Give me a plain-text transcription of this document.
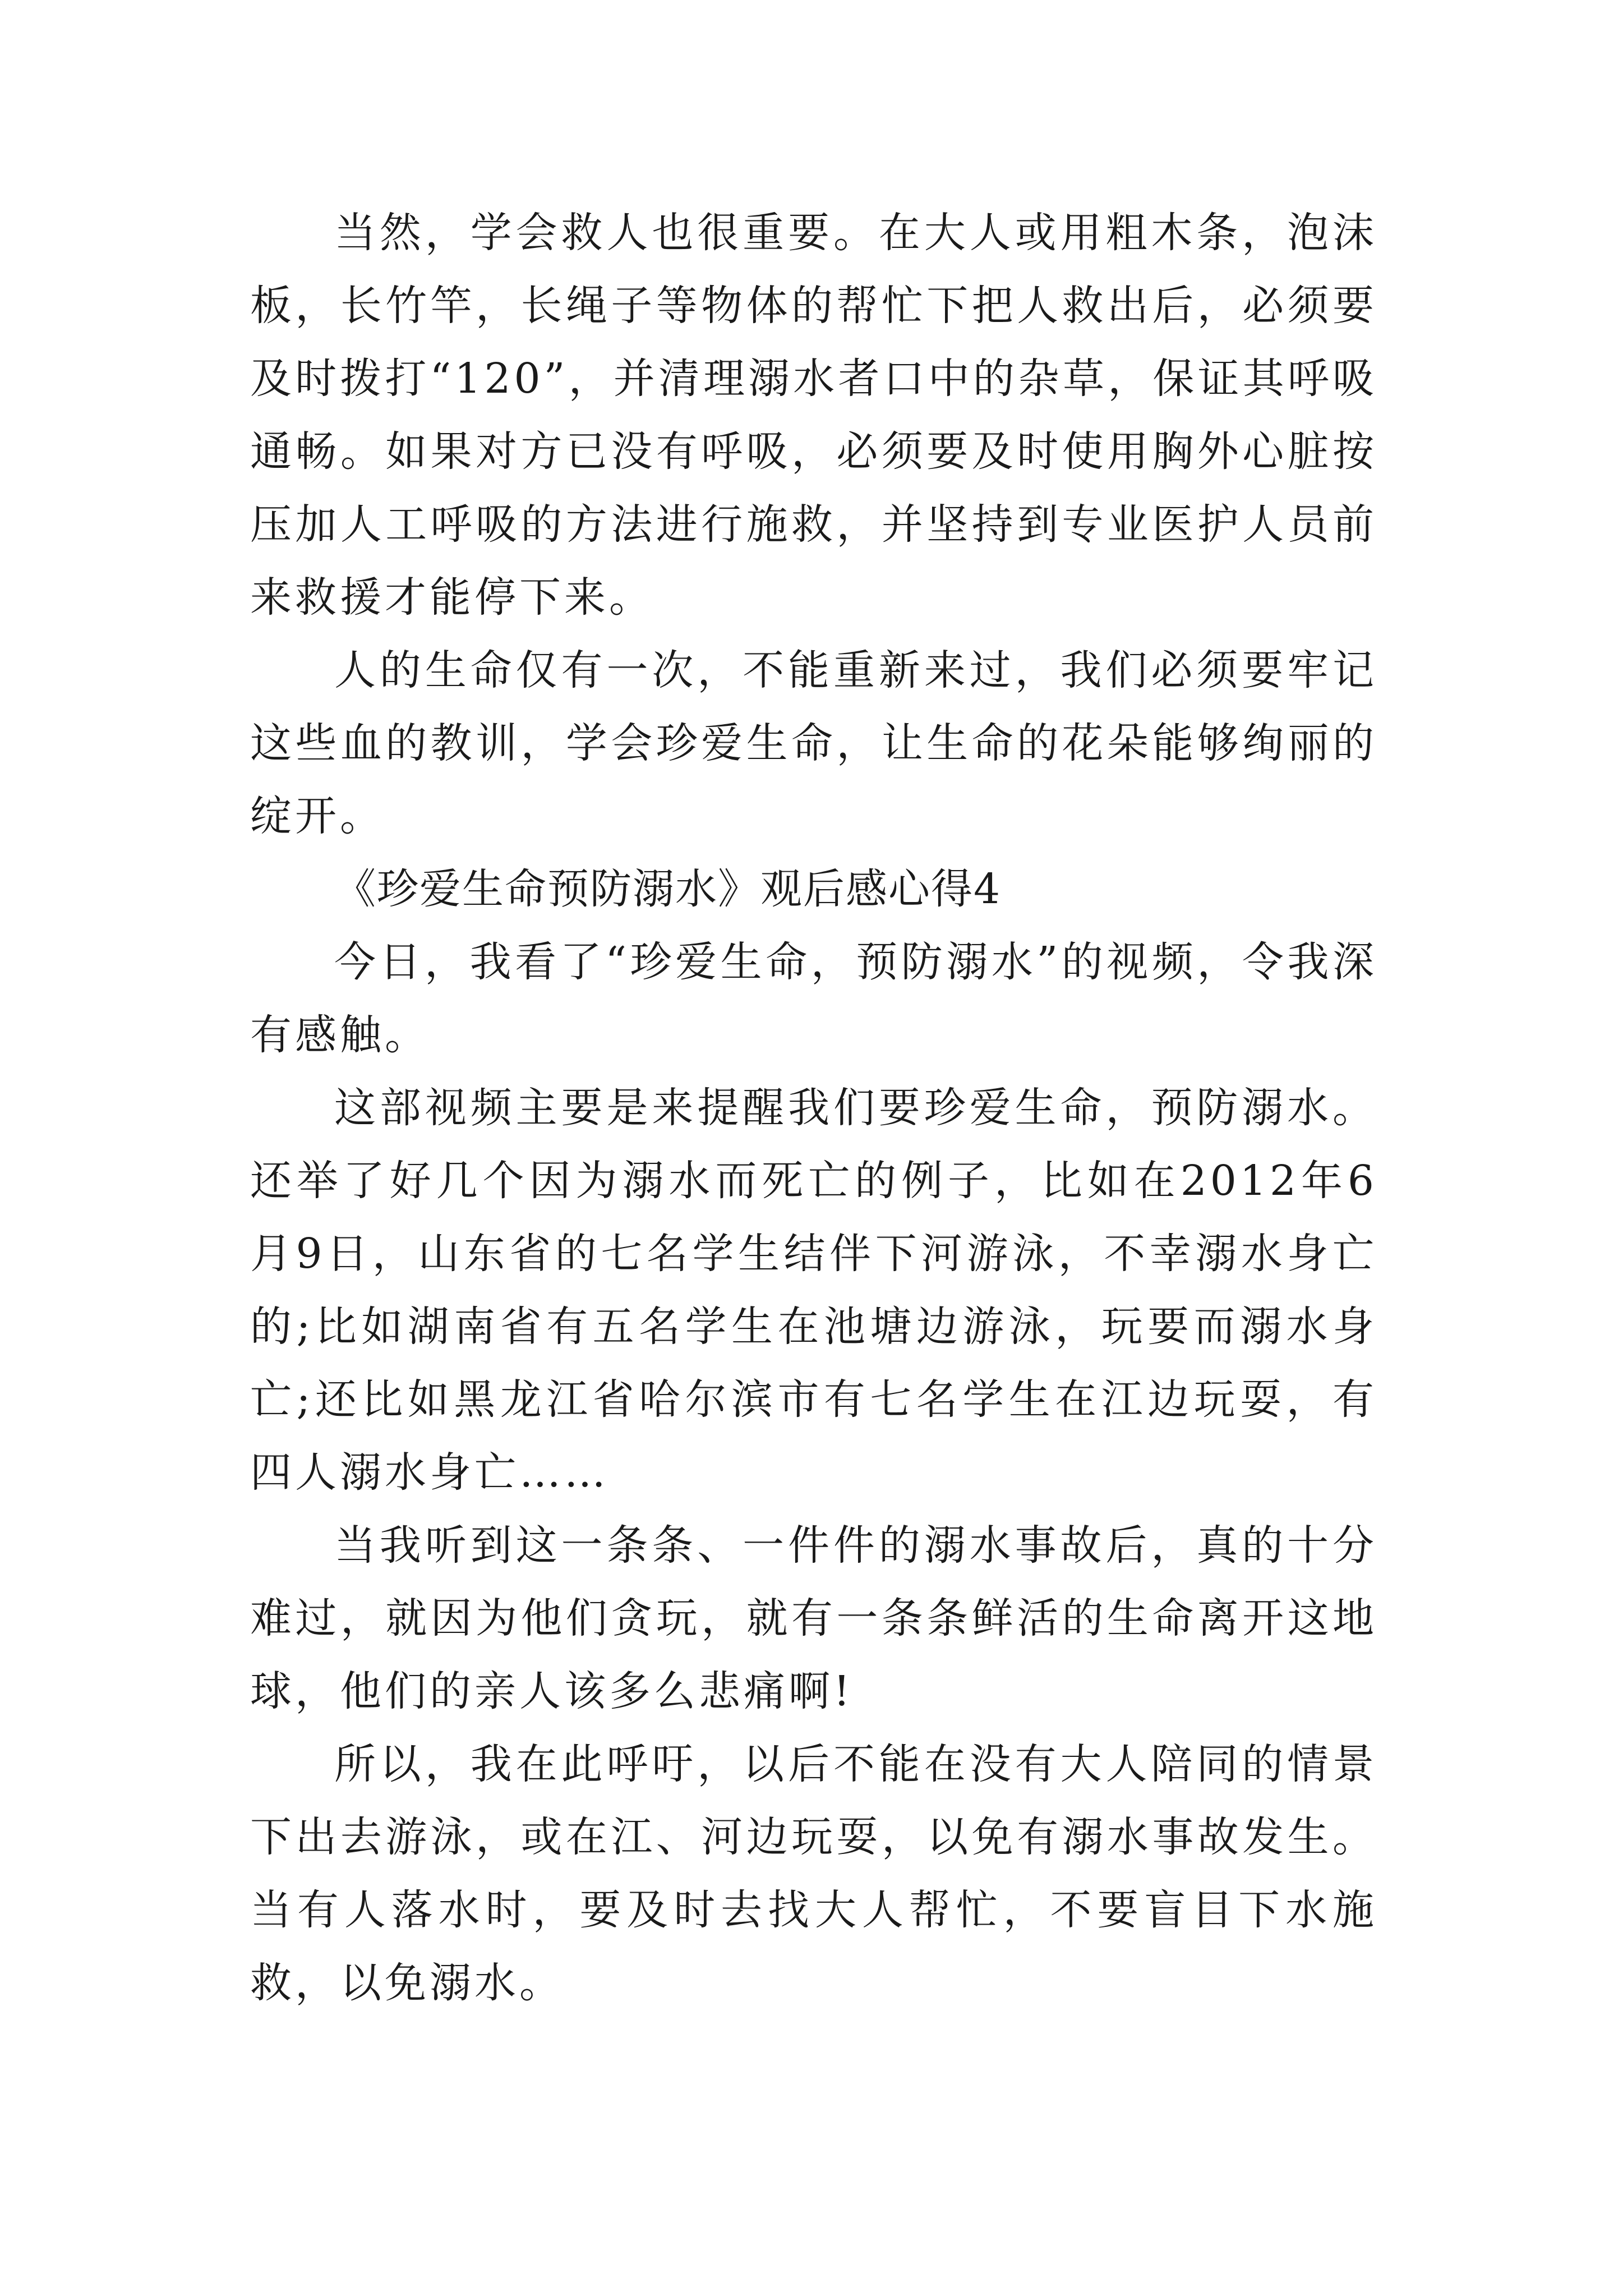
当然，学会救人也很重要。在大人或用粗木条，泡沫板，长竹竿，长绳子等物体的帮忙下把人救出后，必须要及时拨打“120”，并清理溺水者口中的杂草，保证其呼吸通畅。如果对方已没有呼吸，必须要及时使用胸外心脏按压加人工呼吸的方法进行施救，并坚持到专业医护人员前来救援才能停下来。

人的生命仅有一次，不能重新来过，我们必须要牢记这些血的教训，学会珍爱生命，让生命的花朵能够绚丽的绽开。

《珍爱生命预防溺水》观后感心得4

今日，我看了“珍爱生命，预防溺水”的视频，令我深有感触。

这部视频主要是来提醒我们要珍爱生命，预防溺水。还举了好几个因为溺水而死亡的例子，比如在2012年6月9日，山东省的七名学生结伴下河游泳，不幸溺水身亡的;比如湖南省有五名学生在池塘边游泳，玩要而溺水身亡;还比如黑龙江省哈尔滨市有七名学生在江边玩耍，有四人溺水身亡……

当我听到这一条条、一件件的溺水事故后，真的十分难过，就因为他们贪玩，就有一条条鲜活的生命离开这地球，他们的亲人该多么悲痛啊!

所以，我在此呼吁，以后不能在没有大人陪同的情景下出去游泳，或在江、河边玩耍，以免有溺水事故发生。当有人落水时，要及时去找大人帮忙，不要盲目下水施救，以免溺水。
